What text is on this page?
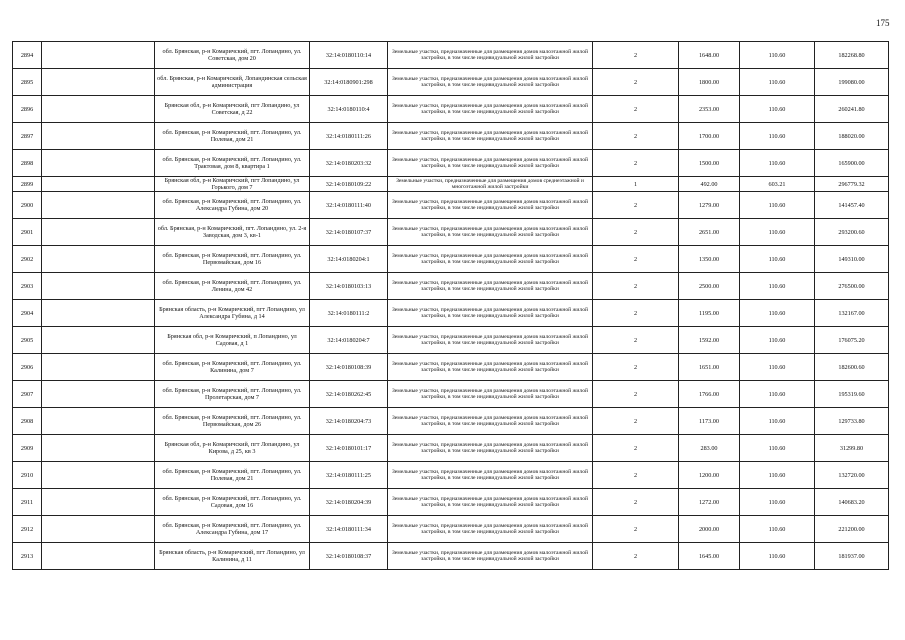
175
2894		обл. Брянская, р-н Комаричский, пгт. Лопандино, ул. Советская, дом 20	32:14:0180110:14	Земельные участки, предназначенные для размещения домов малоэтажной жилой застройки, в том числе индивидуальной жилой застройки	2	1648.00	110.60	182268.80
2895		обл. Брянская, р-н Комаричский, Лопандинская сельская администрация	32:14:0180901:298	Земельные участки, предназначенные для размещения домов малоэтажной жилой застройки, в том числе индивидуальной жилой застройки	2	1800.00	110.60	199080.00
2896		Брянская обл, р-н Комаричский, пгт Лопандино, ул Советская, д 22	32:14:0180110:4	Земельные участки, предназначенные для размещения домов малоэтажной жилой застройки, в том числе индивидуальной жилой застройки	2	2353.00	110.60	260241.80
2897		обл. Брянская, р-н Комаричский, пгт. Лопандино, ул. Полевая, дом 21	32:14:0180111:26	Земельные участки, предназначенные для размещения домов малоэтажной жилой застройки, в том числе индивидуальной жилой застройки	2	1700.00	110.60	188020.00
2898		обл. Брянская, р-н Комаричский, пгт. Лопандино, ул. Трактовая, дом 8, квартира 1	32:14:0180203:32	Земельные участки, предназначенные для размещения домов малоэтажной жилой застройки, в том числе индивидуальной жилой застройки	2	1500.00	110.60	165900.00
2899		Брянская обл, р-н Комаричский, пгт Лопандино, ул Горького, дом 7	32:14:0180109:22	Земельные участки, предназначенные для размещения домов среднеэтажной и многоэтажной жилой застройки	1	492.00	603.21	296779.32
2900		обл. Брянская, р-н Комаричский, пгт. Лопандино, ул. Александра Губина, дом 20	32:14:0180111:40	Земельные участки, предназначенные для размещения домов малоэтажной жилой застройки, в том числе индивидуальной жилой застройки	2	1279.00	110.60	141457.40
2901		обл. Брянская, р-н Комаричский, пгт. Лопандино, ул. 2-я Заводская, дом 3, кв-1	32:14:0180107:37	Земельные участки, предназначенные для размещения домов малоэтажной жилой застройки, в том числе индивидуальной жилой застройки	2	2651.00	110.60	293200.60
2902		обл. Брянская, р-н Комаричский, пгт. Лопандино, ул. Первомайская, дом 16	32:14:0180204:1	Земельные участки, предназначенные для размещения домов малоэтажной жилой застройки, в том числе индивидуальной жилой застройки	2	1350.00	110.60	149310.00
2903		обл. Брянская, р-н Комаричский, пгт. Лопандино, ул. Ленина, дом 42	32:14:0180103:13	Земельные участки, предназначенные для размещения домов малоэтажной жилой застройки, в том числе индивидуальной жилой застройки	2	2500.00	110.60	276500.00
2904		Брянская область, р-н Комаричский, пгт Лопандино, ул Александра Губина, д 14	32:14:0180111:2	Земельные участки, предназначенные для размещения домов малоэтажной жилой застройки, в том числе индивидуальной жилой застройки	2	1195.00	110.60	132167.00
2905		Брянская обл, р-н Комаричский, п Лопандино, ул Садовая, д 1	32:14:0180204:7	Земельные участки, предназначенные для размещения домов малоэтажной жилой застройки, в том числе индивидуальной жилой застройки	2	1592.00	110.60	176075.20
2906		обл. Брянская, р-н Комаричский, пгт. Лопандино, ул. Калинина, дом 7	32:14:0180108:39	Земельные участки, предназначенные для размещения домов малоэтажной жилой застройки, в том числе индивидуальной жилой застройки	2	1651.00	110.60	182600.60
2907		обл. Брянская, р-н Комаричский, пгт. Лопандино, ул. Пролетарская, дом 7	32:14:0180262:45	Земельные участки, предназначенные для размещения домов малоэтажной жилой застройки, в том числе индивидуальной жилой застройки	2	1766.00	110.60	195319.60
2908		обл. Брянская, р-н Комаричский, пгт. Лопандино, ул. Первомайская, дом 26	32:14:0180204:73	Земельные участки, предназначенные для размещения домов малоэтажной жилой застройки, в том числе индивидуальной жилой застройки	2	1173.00	110.60	129733.80
2909		Брянская обл, р-н Комаричский, пгт Лопандино, ул Кирова, д 25, кв 3	32:14:0180101:17	Земельные участки, предназначенные для размещения домов малоэтажной жилой застройки, в том числе индивидуальной жилой застройки	2	283.00	110.60	31299.80
2910		обл. Брянская, р-н Комаричский, пгт. Лопандино, ул. Полевая, дом 21	32:14:0180111:25	Земельные участки, предназначенные для размещения домов малоэтажной жилой застройки, в том числе индивидуальной жилой застройки	2	1200.00	110.60	132720.00
2911		обл. Брянская, р-н Комаричский, пгт. Лопандино, ул. Садовая, дом 16	32:14:0180204:39	Земельные участки, предназначенные для размещения домов малоэтажной жилой застройки, в том числе индивидуальной жилой застройки	2	1272.00	110.60	140683.20
2912		обл. Брянская, р-н Комаричский, пгт. Лопандино, ул. Александра Губина, дом 17	32:14:0180111:34	Земельные участки, предназначенные для размещения домов малоэтажной жилой застройки, в том числе индивидуальной жилой застройки	2	2000.00	110.60	221200.00
2913		Брянская область, р-н Комаричский, пгт Лопандино, ул Калинина, д 11	32:14:0180108:37	Земельные участки, предназначенные для размещения домов малоэтажной жилой застройки, в том числе индивидуальной жилой застройки	2	1645.00	110.60	181937.00
